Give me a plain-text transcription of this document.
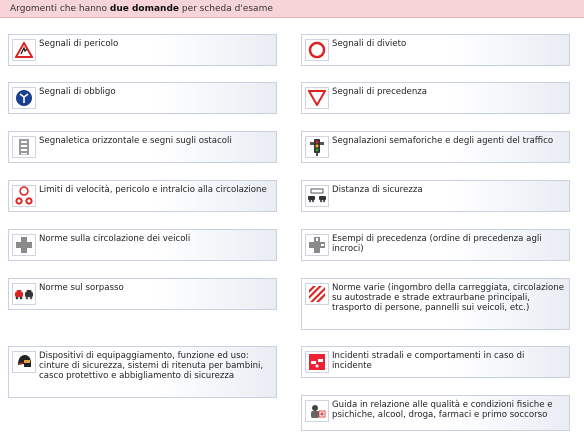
Argomenti che hanno due domande per scheda d'esame
Segnali di pericolo
Segnali di obbligo
Segnaletica orizzontale e segni sugli ostacoli
Limiti di velocità, pericolo e intralcio alla circolazione
Norme sulla circolazione dei veicoli
Norme sul sorpasso
Dispositivi di equipaggiamento, funzione ed uso: cinture di sicurezza, sistemi di ritenuta per bambini, casco protettivo e abbigliamento di sicurezza
Segnali di divieto
Segnali di precedenza
Segnalazioni semaforiche e degli agenti del traffico
Distanza di sicurezza
Esempi di precedenza (ordine di precedenza agli incroci)
Norme varie (ingombro della carreggiata, circolazione su autostrade e strade extraurbane principali, trasporto di persone, pannelli sui veicoli, etc.)
Incidenti stradali e comportamenti in caso di incidente
Guida in relazione alle qualità e condizioni fisiche e psichiche, alcool, droga, farmaci e primo soccorso
